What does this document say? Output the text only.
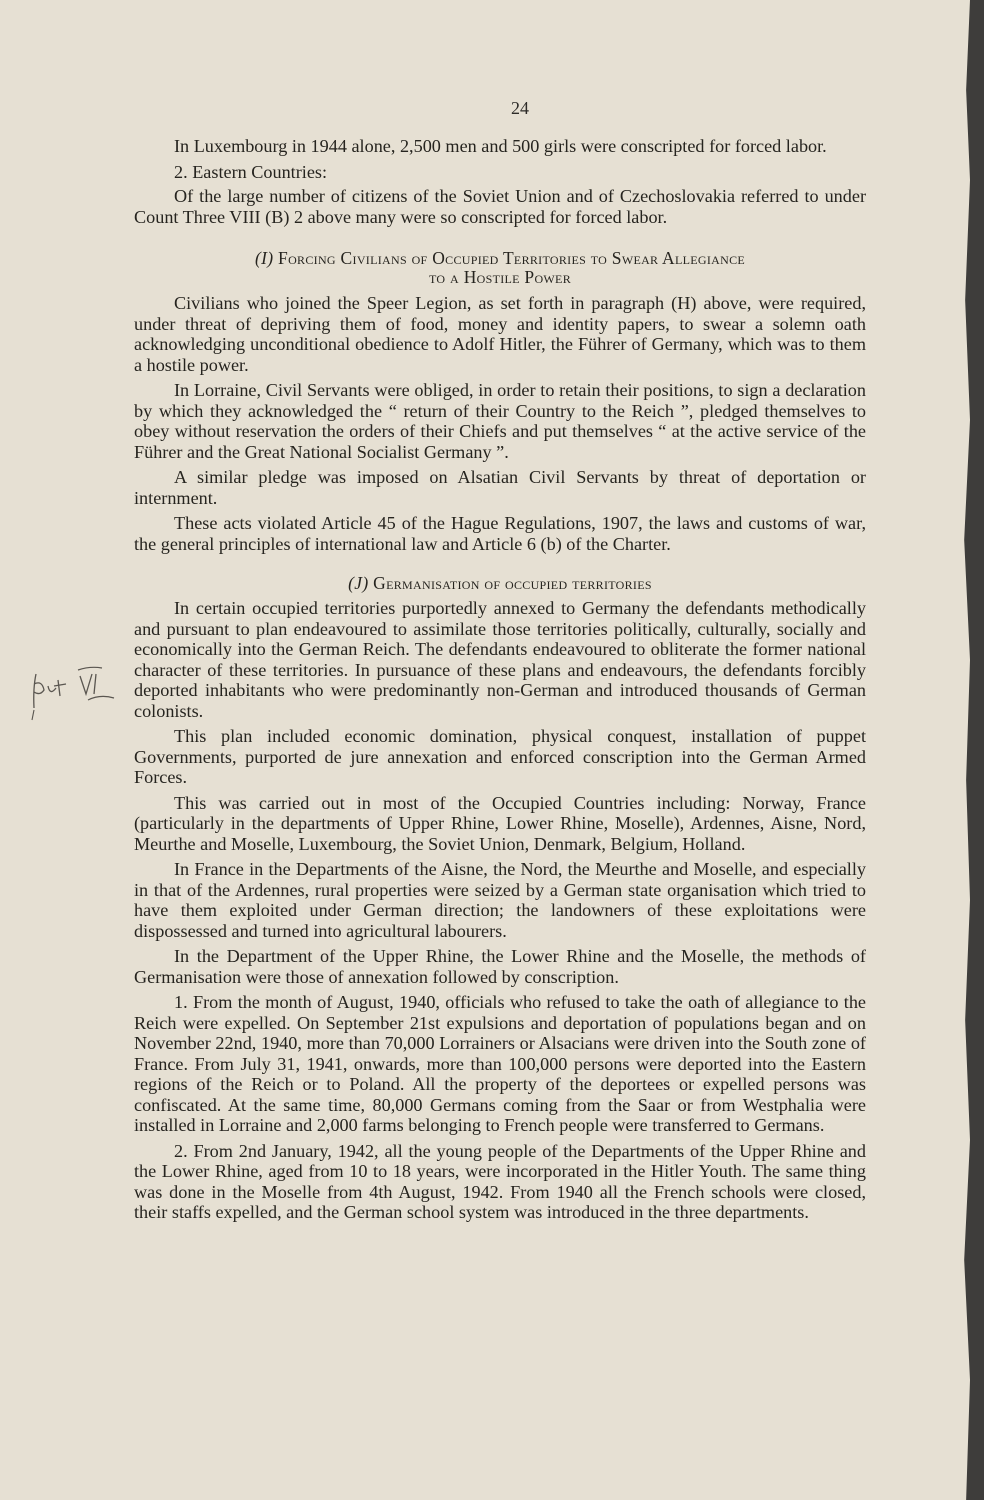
24

In Luxembourg in 1944 alone, 2,500 men and 500 girls were conscripted for forced labor.

2. Eastern Countries:

Of the large number of citizens of the Soviet Union and of Czechoslovakia referred to under Count Three VIII (B) 2 above many were so conscripted for forced labor.

(I) Forcing Civilians of Occupied Territories to Swear Allegiance
to a Hostile Power

Civilians who joined the Speer Legion, as set forth in paragraph (H) above, were required, under threat of depriving them of food, money and identity papers, to swear a solemn oath acknowledging unconditional obedience to Adolf Hitler, the Führer of Germany, which was to them a hostile power.

In Lorraine, Civil Servants were obliged, in order to retain their positions, to sign a declaration by which they acknowledged the “ return of their Country to the Reich ”, pledged themselves to obey without reservation the orders of their Chiefs and put themselves “ at the active service of the Führer and the Great National Socialist Germany ”.

A similar pledge was imposed on Alsatian Civil Servants by threat of deportation or internment.

These acts violated Article 45 of the Hague Regulations, 1907, the laws and customs of war, the general principles of international law and Article 6 (b) of the Charter.

(J) Germanisation of occupied territories

In certain occupied territories purportedly annexed to Germany the defendants methodically and pursuant to plan endeavoured to assimilate those territories politically, culturally, socially and economically into the German Reich. The defendants endeavoured to obliterate the former national character of these territories. In pursuance of these plans and endeavours, the defendants forcibly deported inhabitants who were predominantly non-German and introduced thousands of German colonists.

This plan included economic domination, physical conquest, installation of puppet Governments, purported de jure annexation and enforced conscription into the German Armed Forces.

This was carried out in most of the Occupied Countries including: Norway, France (particularly in the departments of Upper Rhine, Lower Rhine, Moselle), Ardennes, Aisne, Nord, Meurthe and Moselle, Luxembourg, the Soviet Union, Denmark, Belgium, Holland.

In France in the Departments of the Aisne, the Nord, the Meurthe and Moselle, and especially in that of the Ardennes, rural properties were seized by a German state organisation which tried to have them exploited under German direction; the landowners of these exploitations were dispossessed and turned into agricultural labourers.

In the Department of the Upper Rhine, the Lower Rhine and the Moselle, the methods of Germanisation were those of annexation followed by conscription.

1. From the month of August, 1940, officials who refused to take the oath of allegiance to the Reich were expelled. On September 21st expulsions and deportation of populations began and on November 22nd, 1940, more than 70,000 Lorrainers or Alsacians were driven into the South zone of France. From July 31, 1941, onwards, more than 100,000 persons were deported into the Eastern regions of the Reich or to Poland. All the property of the deportees or expelled persons was confiscated. At the same time, 80,000 Germans coming from the Saar or from Westphalia were installed in Lorraine and 2,000 farms belonging to French people were transferred to Germans.

2. From 2nd January, 1942, all the young people of the Departments of the Upper Rhine and the Lower Rhine, aged from 10 to 18 years, were incorporated in the Hitler Youth. The same thing was done in the Moselle from 4th August, 1942. From 1940 all the French schools were closed, their staffs expelled, and the German school system was introduced in the three departments.
